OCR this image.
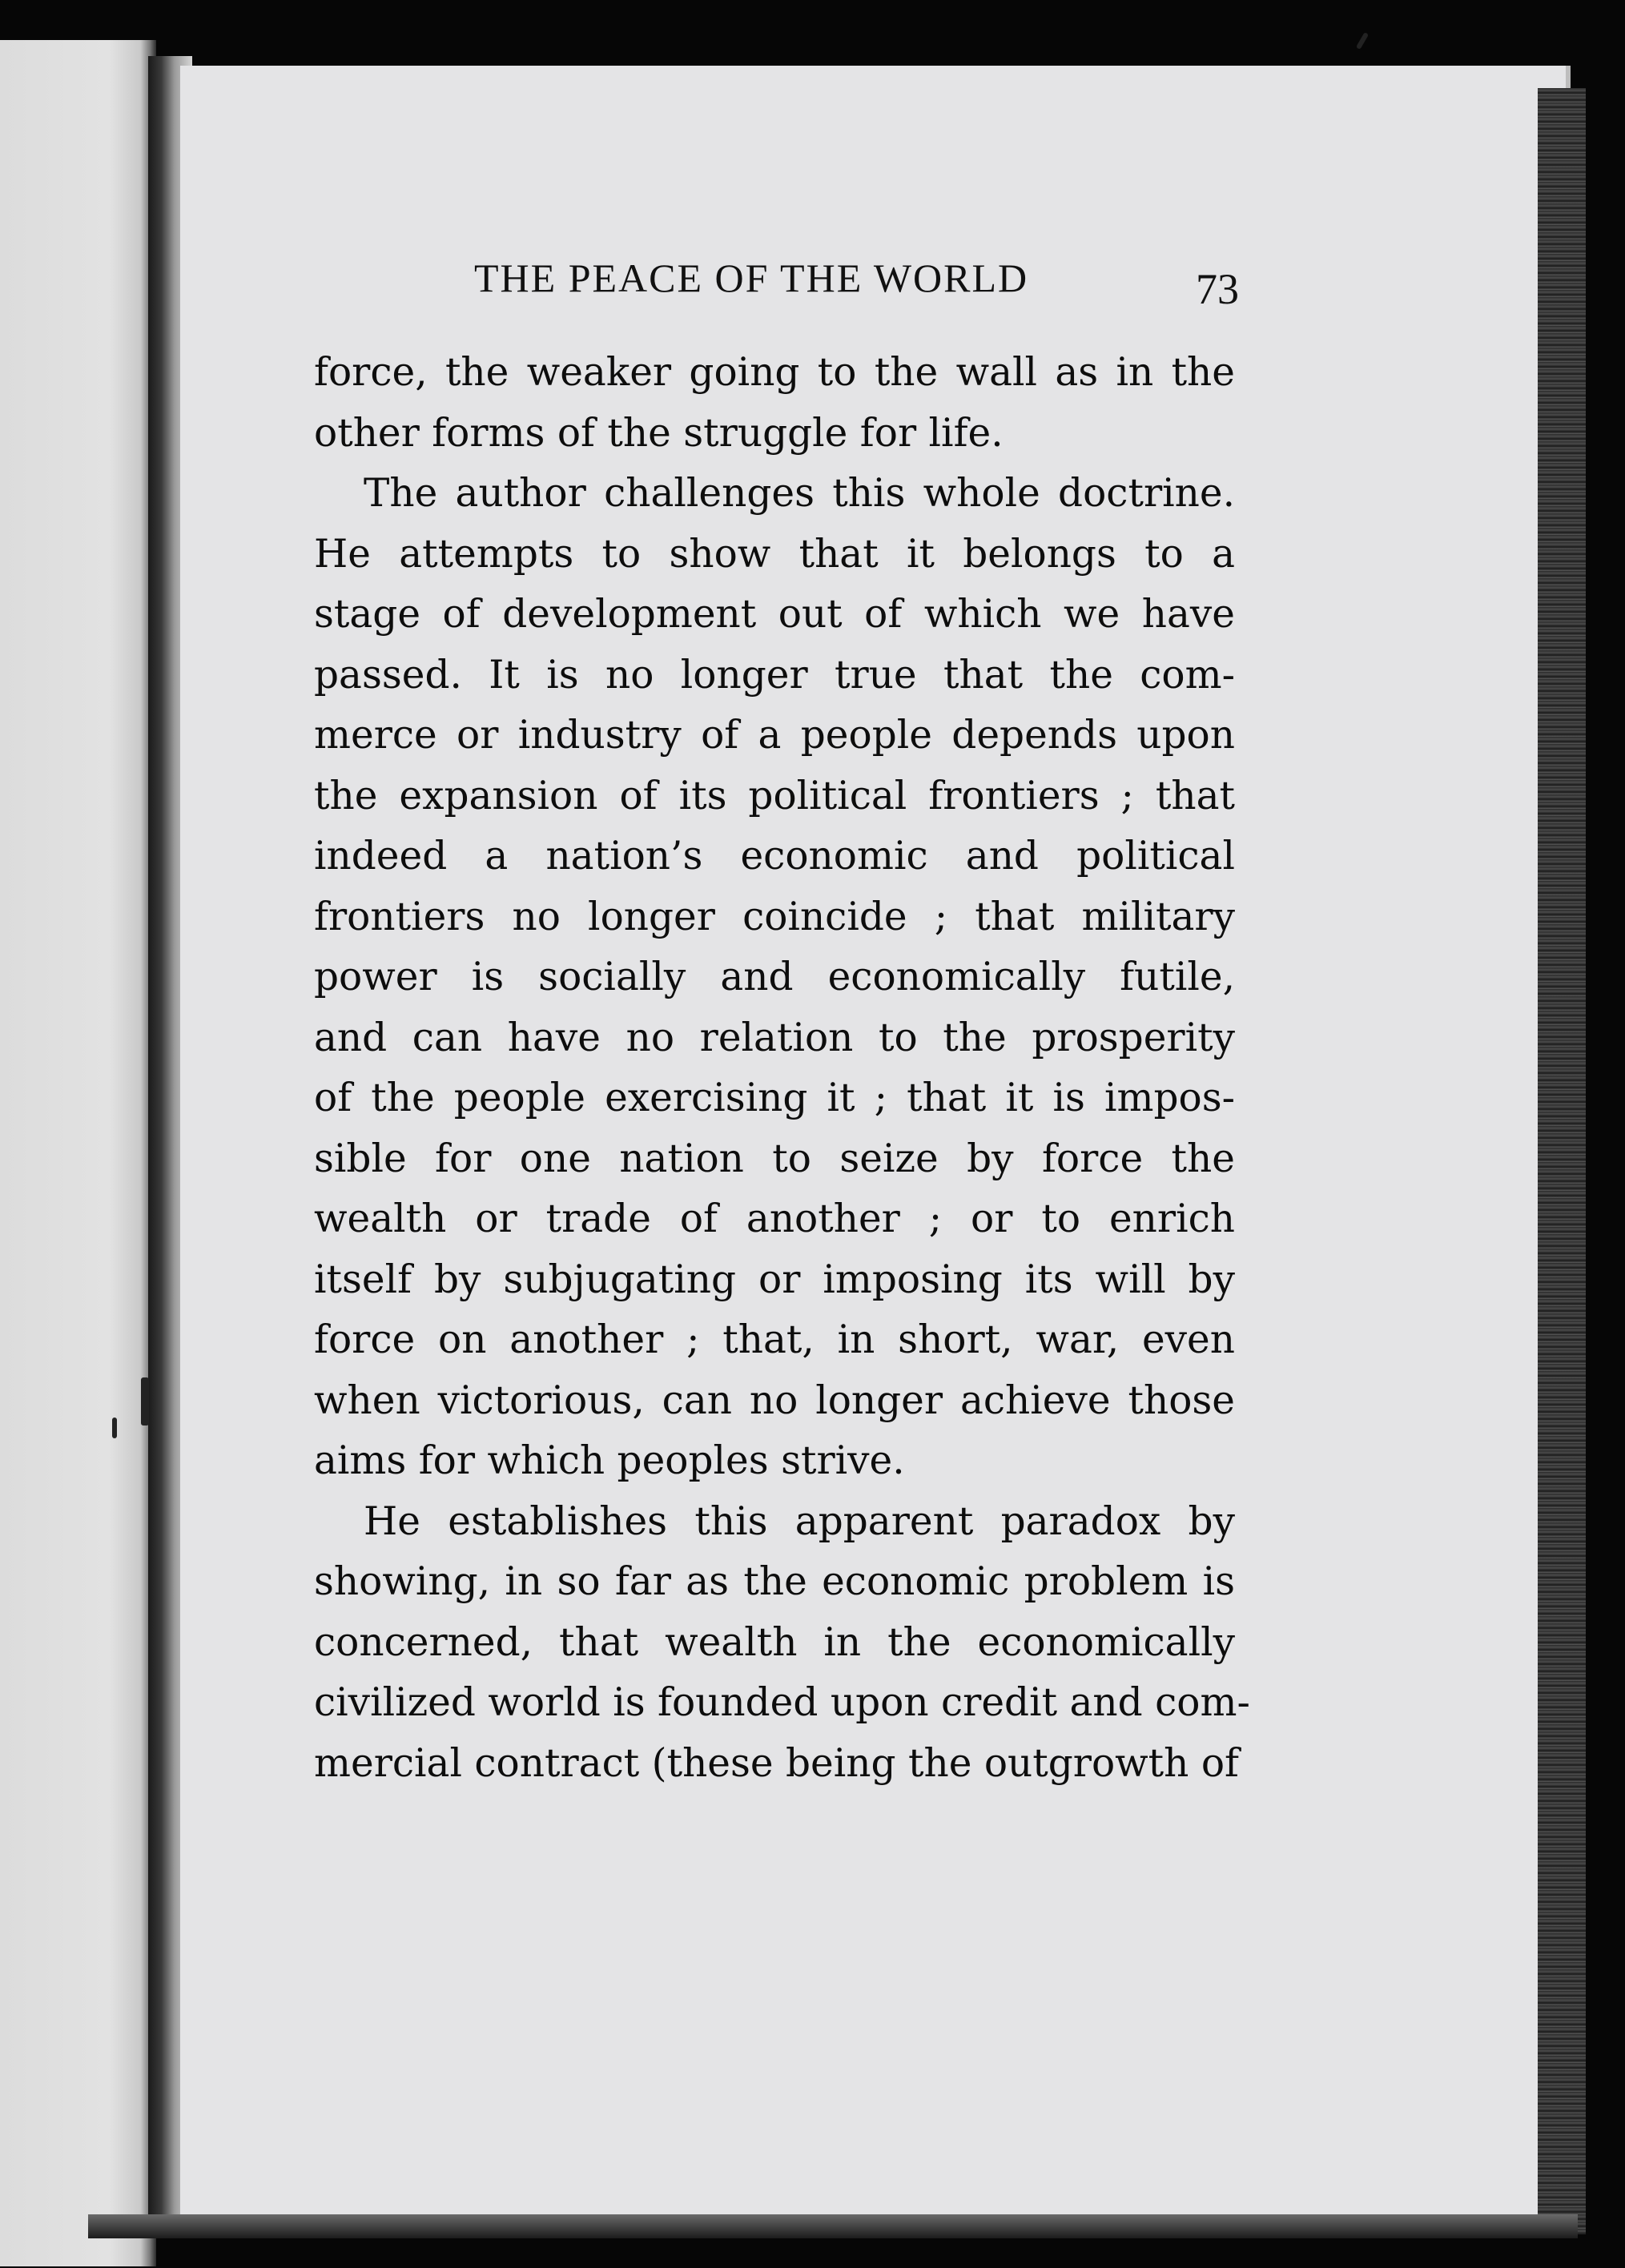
THE PEACE OF THE WORLD	73
force, the weaker going to the wall as in the
other forms of the struggle for life.
The author challenges this whole doctrine.
He attempts to show that it belongs to a
stage of development out of which we have
passed. It is no longer true that the com-
merce or industry of a people depends upon
the expansion of its political frontiers ; that
indeed a nation’s economic and political
frontiers no longer coincide ; that military
power is socially and economically futile,
and can have no relation to the prosperity
of the people exercising it ; that it is impos-
sible for one nation to seize by force the
wealth or trade of another ; or to enrich
itself by subjugating or imposing its will by
force on another ; that, in short, war, even
when victorious, can no longer achieve those
aims for which peoples strive.
He establishes this apparent paradox by
showing, in so far as the economic problem is
concerned, that wealth in the economically
civilized world is founded upon credit and com-
mercial contract (these being the outgrowth of
